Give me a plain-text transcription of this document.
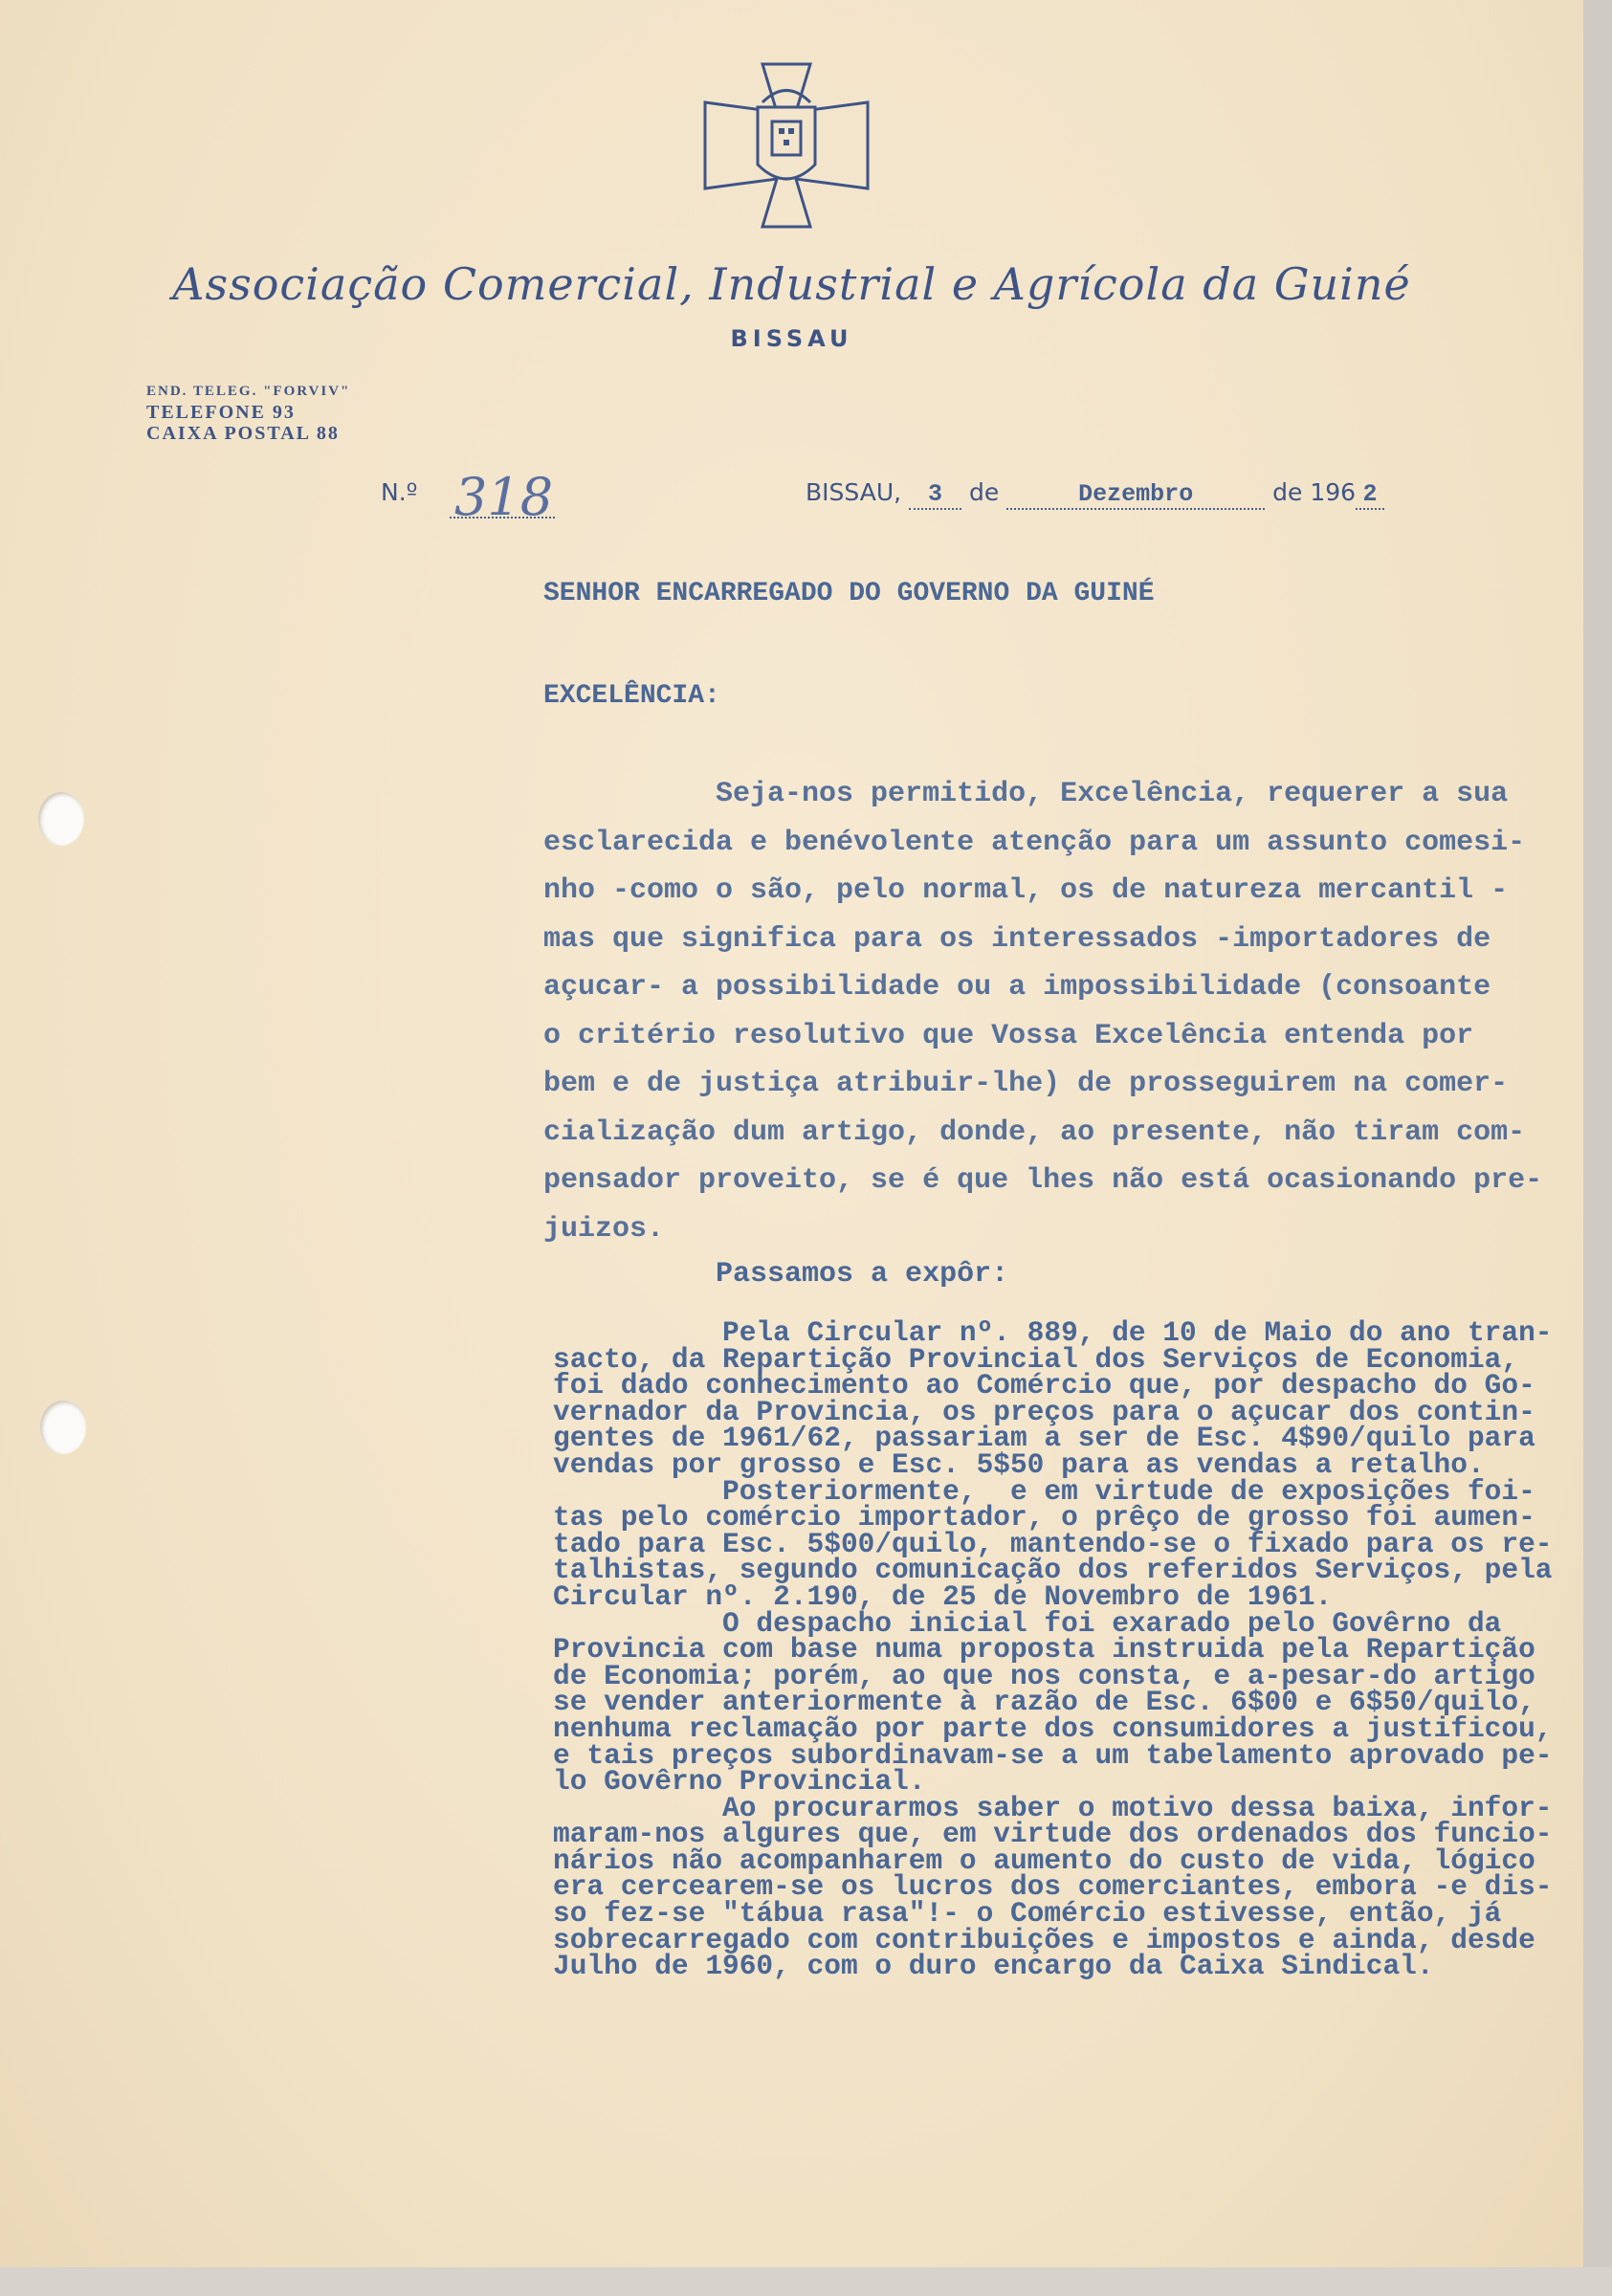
Associação Comercial, Industrial e Agrícola da Guiné
BISSAU
END. TELEG. "FORVIV"
TELEFONE 93
CAIXA POSTAL 88
N.º 318	BISSAU, 3 de	Dezembro	de 196 2
SENHOR ENCARREGADO DO GOVERNO DA GUINÉ
EXCELÊNCIA:
Seja-nos permitido, Excelência, requerer a sua
esclarecida e benévolente atenção para um assunto comesi-
nho -como o são, pelo normal, os de natureza mercantil -
mas que significa para os interessados -importadores de
açucar- a possibilidade ou a impossibilidade (consoante
o critério resolutivo que Vossa Excelência entenda por
bem e de justiça atribuir-lhe) de prosseguirem na comer-
cialização dum artigo, donde, ao presente, não tiram com-
pensador proveito, se é que lhes não está ocasionando pre-
juizos.
Passamos a expôr:
Pela Circular nº. 889, de 10 de Maio do ano tran-
sacto, da Repartição Provincial dos Serviços de Economia,
foi dado conhecimento ao Comércio que, por despacho do Go-
vernador da Provincia, os preços para o açucar dos contin-
gentes de 1961/62, passariam a ser de Esc. 4$90/quilo para
vendas por grosso e Esc. 5$50 para as vendas a retalho.
Posteriormente,  e em virtude de exposições foi-
tas pelo comércio importador, o prêço de grosso foi aumen-
tado para Esc. 5$00/quilo, mantendo-se o fixado para os re-
talhistas, segundo comunicação dos referidos Serviços, pela
Circular nº. 2.190, de 25 de Novembro de 1961.
O despacho inicial foi exarado pelo Govêrno da
Provincia com base numa proposta instruida pela Repartição
de Economia; porém, ao que nos consta, e a-pesar-do artigo
se vender anteriormente à razão de Esc. 6$00 e 6$50/quilo,
nenhuma reclamação por parte dos consumidores a justificou,
e tais preços subordinavam-se a um tabelamento aprovado pe-
lo Govêrno Provincial.
Ao procurarmos saber o motivo dessa baixa, infor-
maram-nos algures que, em virtude dos ordenados dos funcio-
nários não acompanharem o aumento do custo de vida, lógico
era cercearem-se os lucros dos comerciantes, embora -e dis-
so fez-se "tábua rasa"!- o Comércio estivesse, então, já
sobrecarregado com contribuições e impostos e ainda, desde
Julho de 1960, com o duro encargo da Caixa Sindical.
